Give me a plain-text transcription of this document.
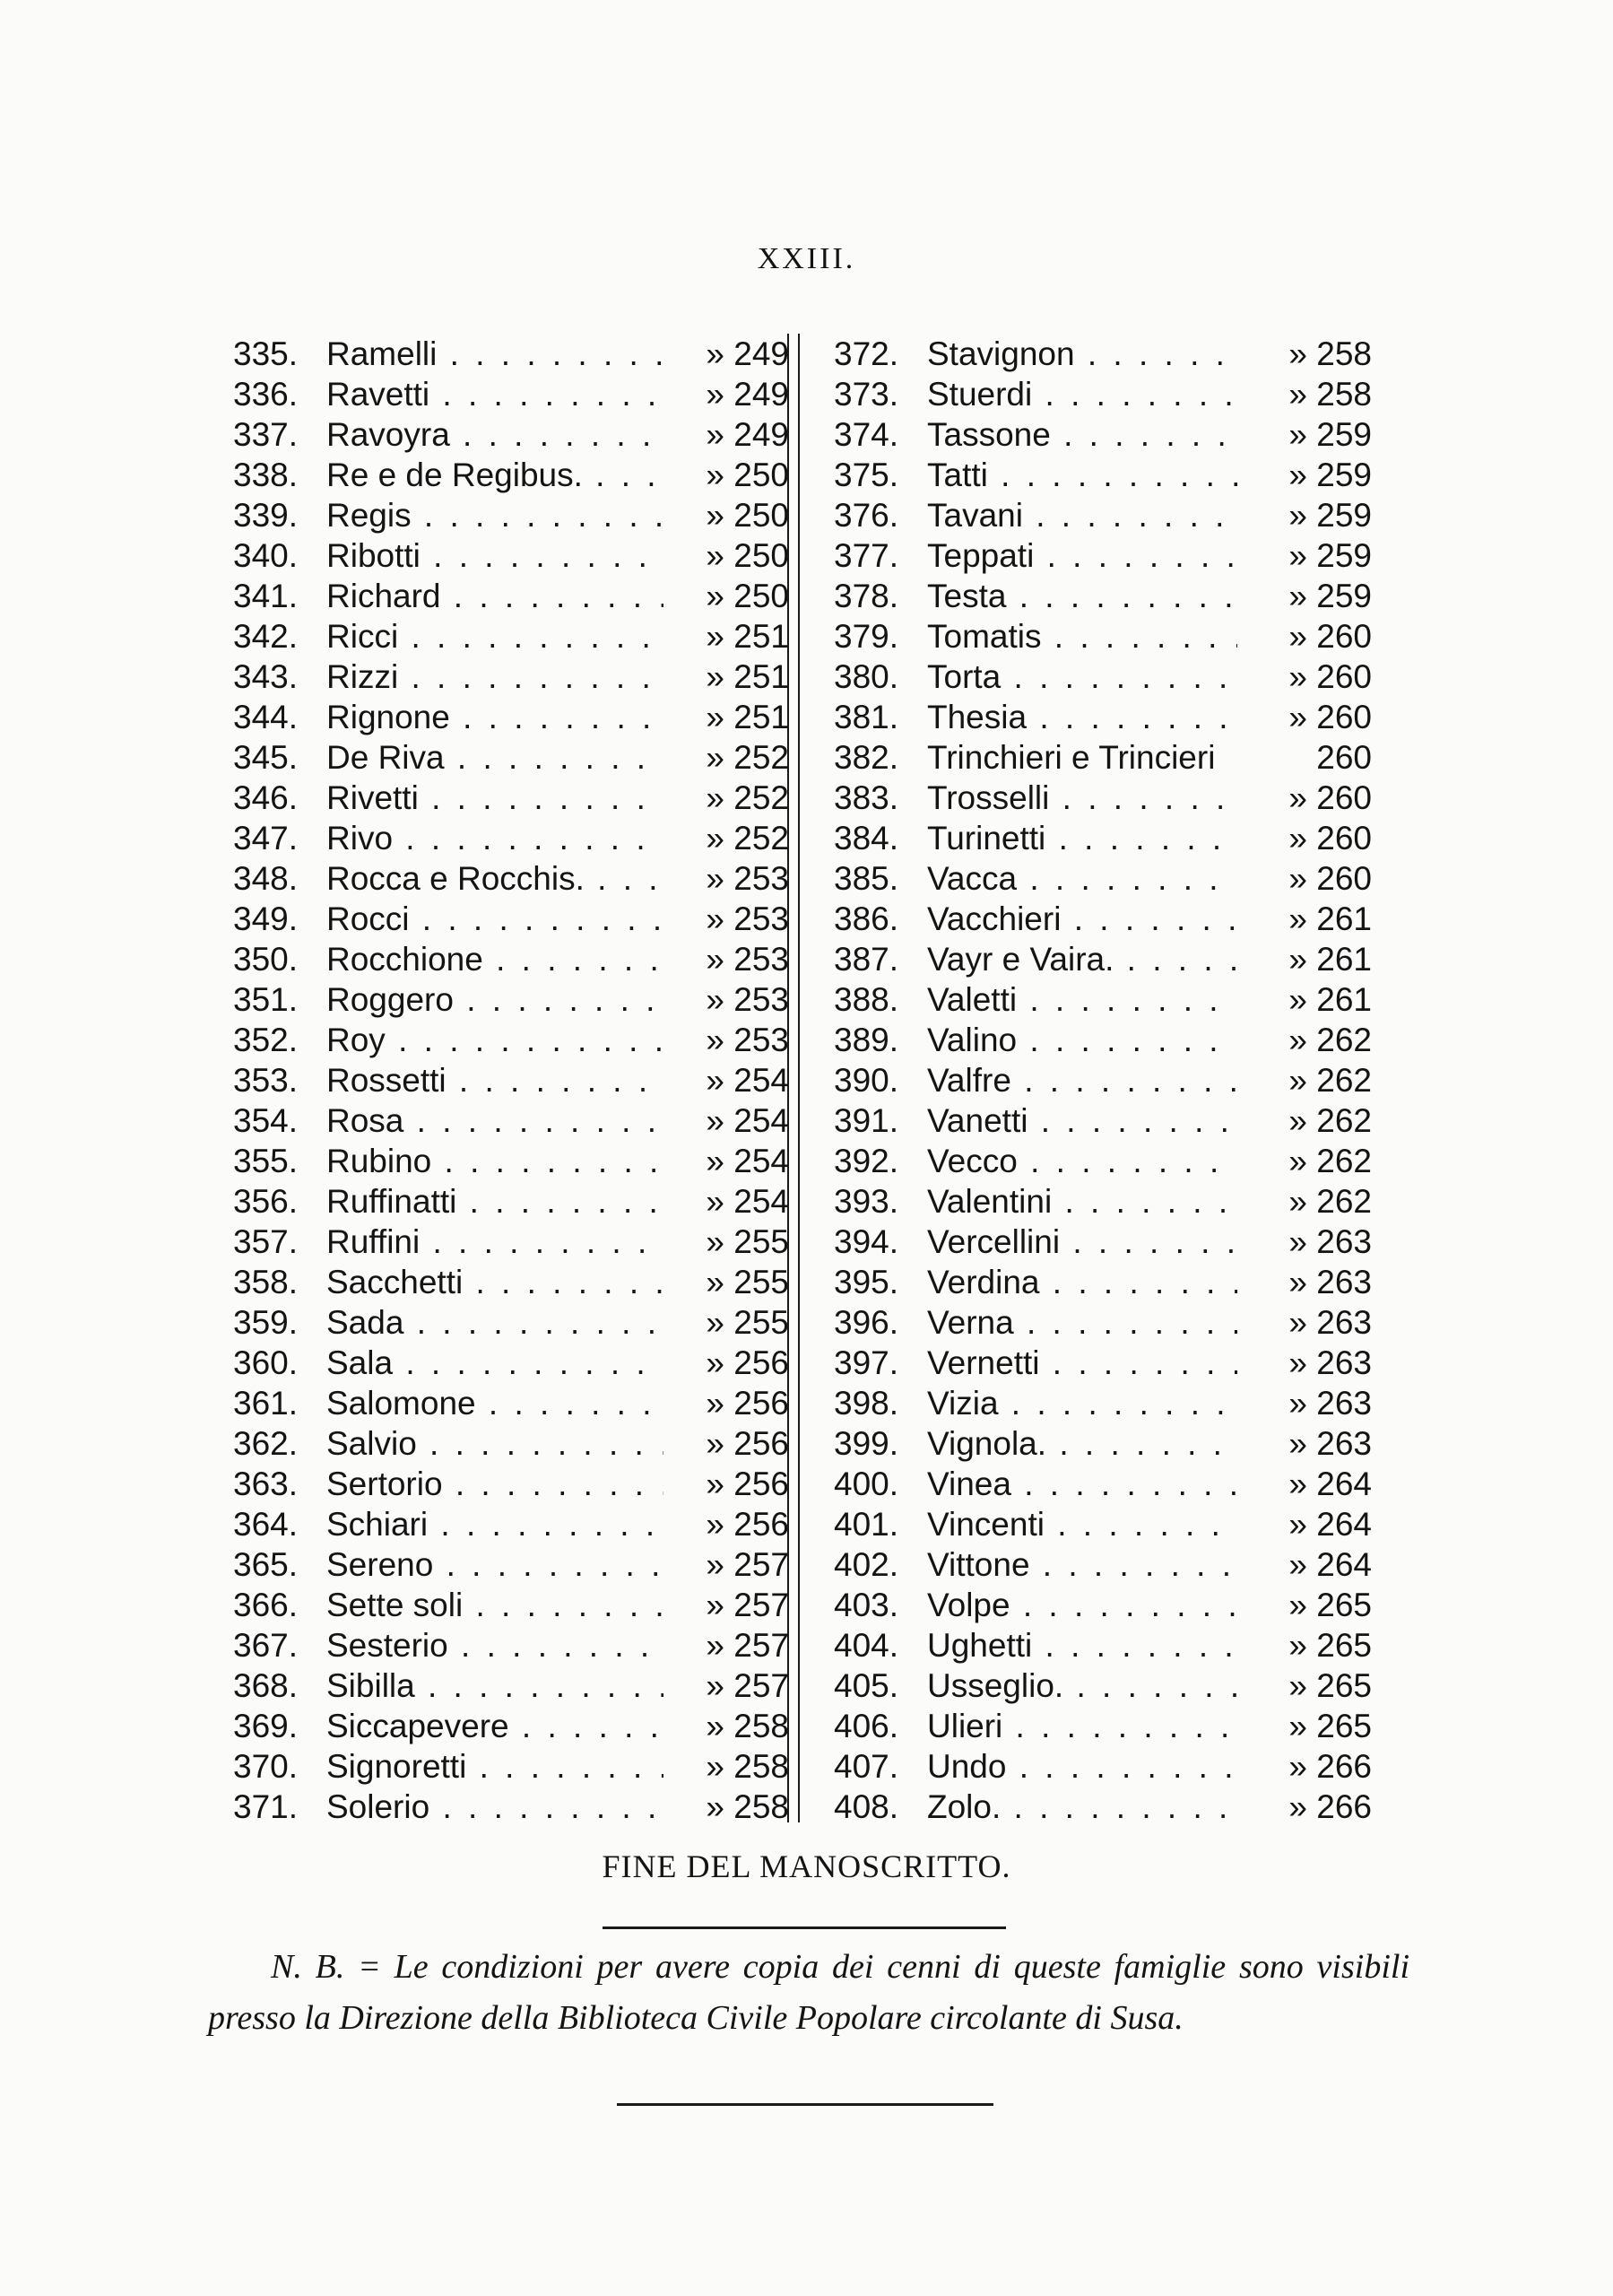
XXIII.
335. Ramelli . . .	» 249
336. Ravetti . . .	» 249
337. Ravoyra . . .	» 249
338. Re e de Regibus. . . .	» 250
339. Regis . . .	» 250
340. Ribotti . . .	» 250
341. Richard . . .	» 250
342. Ricci . . .	» 251
343. Rizzi . . .	» 251
344. Rignone . . .	» 251
345. De Riva . . .	» 252
346. Rivetti . . .	» 252
347. Rivo . . .	» 252
348. Rocca e Rocchis. . . .	» 253
349. Rocci . . .	» 253
350. Rocchione . . .	» 253
351. Roggero . . .	» 253
352. Roy . . .	» 253
353. Rossetti . . .	» 254
354. Rosa . . .	» 254
355. Rubino . . .	» 254
356. Ruffinatti . . .	» 254
357. Ruffini . . .	» 255
358. Sacchetti . . .	» 255
359. Sada . . .	» 255
360. Sala . . .	» 256
361. Salomone . . .	» 256
362. Salvio . . .	» 256
363. Sertorio . . .	» 256
364. Schiari . . .	» 256
365. Sereno . . .	» 257
366. Sette soli . . .	» 257
367. Sesterio . . .	» 257
368. Sibilla . . .	» 257
369. Siccapevere . . .	» 258
370. Signoretti . . .	» 258
371. Solerio . . .	» 258
372. Stavignon . . .	» 258
373. Stuerdi . . .	» 258
374. Tassone . . .	» 259
375. Tatti . . .	» 259
376. Tavani . . .	» 259
377. Teppati . . .	» 259
378. Testa . . .	» 259
379. Tomatis . . .	» 260
380. Torta . . .	» 260
381. Thesia . . .	» 260
382. Trinchieri e Trincieri	260
383. Trosselli . . .	» 260
384. Turinetti . . .	» 260
385. Vacca . . .	» 260
386. Vacchieri . . .	» 261
387. Vayr e Vaira. . . .	» 261
388. Valetti . . .	» 261
389. Valino . . .	» 262
390. Valfre . . .	» 262
391. Vanetti . . .	» 262
392. Vecco . . .	» 262
393. Valentini . . .	» 262
394. Vercellini . . .	» 263
395. Verdina . . .	» 263
396. Verna . . .	» 263
397. Vernetti . . .	» 263
398. Vizia . . .	» 263
399. Vignola. . . .	» 263
400. Vinea . . .	» 264
401. Vincenti . . .	» 264
402. Vittone . . .	» 264
403. Volpe . . .	» 265
404. Ughetti . . .	» 265
405. Usseglio. . . .	» 265
406. Ulieri . . .	» 265
407. Undo . . .	» 266
408. Zolo. . . .	» 266
FINE DEL MANOSCRITTO.
N. B. = Le condizioni per avere copia dei cenni di queste famiglie sono visibili presso la Direzione della Biblioteca Civile Popolare circolante di Susa.
